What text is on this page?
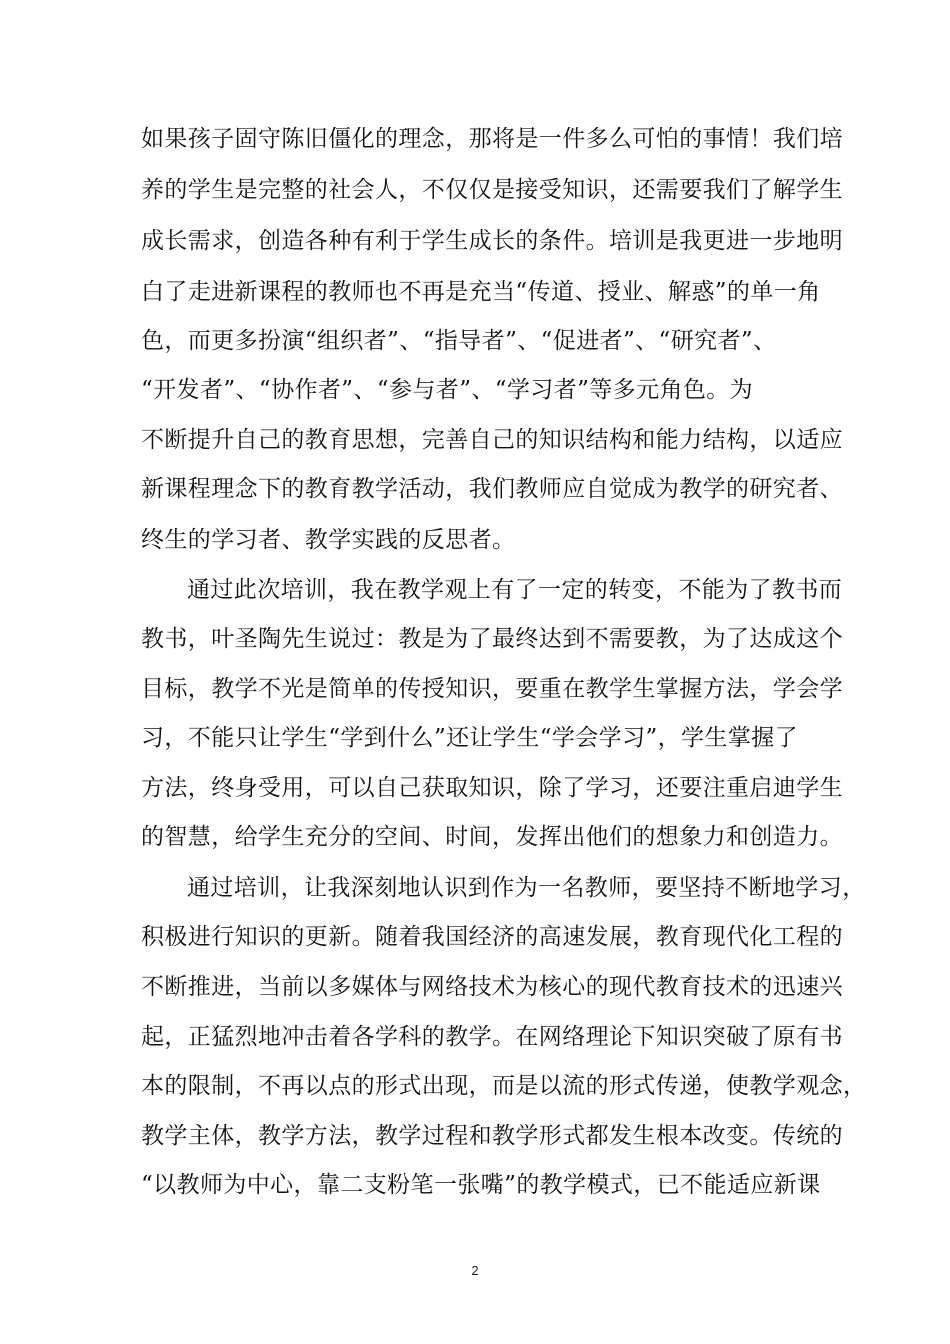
如果孩子固守陈旧僵化的理念，那将是一件多么可怕的事情！我们培
养的学生是完整的社会人，不仅仅是接受知识，还需要我们了解学生
成长需求，创造各种有利于学生成长的条件。培训是我更进一步地明
白了走进新课程的教师也不再是充当“传道、授业、解惑”的单一角
色，而更多扮演“组织者”、“指导者”、“促进者”、“研究者”、
“开发者”、“协作者”、“参与者”、“学习者”等多元角色。为
不断提升自己的教育思想，完善自己的知识结构和能力结构，以适应
新课程理念下的教育教学活动，我们教师应自觉成为教学的研究者、
终生的学习者、教学实践的反思者。
通过此次培训，我在教学观上有了一定的转变，不能为了教书而
教书，叶圣陶先生说过：教是为了最终达到不需要教，为了达成这个
目标，教学不光是简单的传授知识，要重在教学生掌握方法，学会学
习，不能只让学生“学到什么”还让学生“学会学习”，学生掌握了
方法，终身受用，可以自己获取知识，除了学习，还要注重启迪学生
的智慧，给学生充分的空间、时间，发挥出他们的想象力和创造力。
通过培训，让我深刻地认识到作为一名教师，要坚持不断地学习，
积极进行知识的更新。随着我国经济的高速发展，教育现代化工程的
不断推进，当前以多媒体与网络技术为核心的现代教育技术的迅速兴
起，正猛烈地冲击着各学科的教学。在网络理论下知识突破了原有书
本的限制，不再以点的形式出现，而是以流的形式传递，使教学观念，
教学主体，教学方法，教学过程和教学形式都发生根本改变。传统的
“以教师为中心，靠二支粉笔一张嘴”的教学模式，已不能适应新课
2
